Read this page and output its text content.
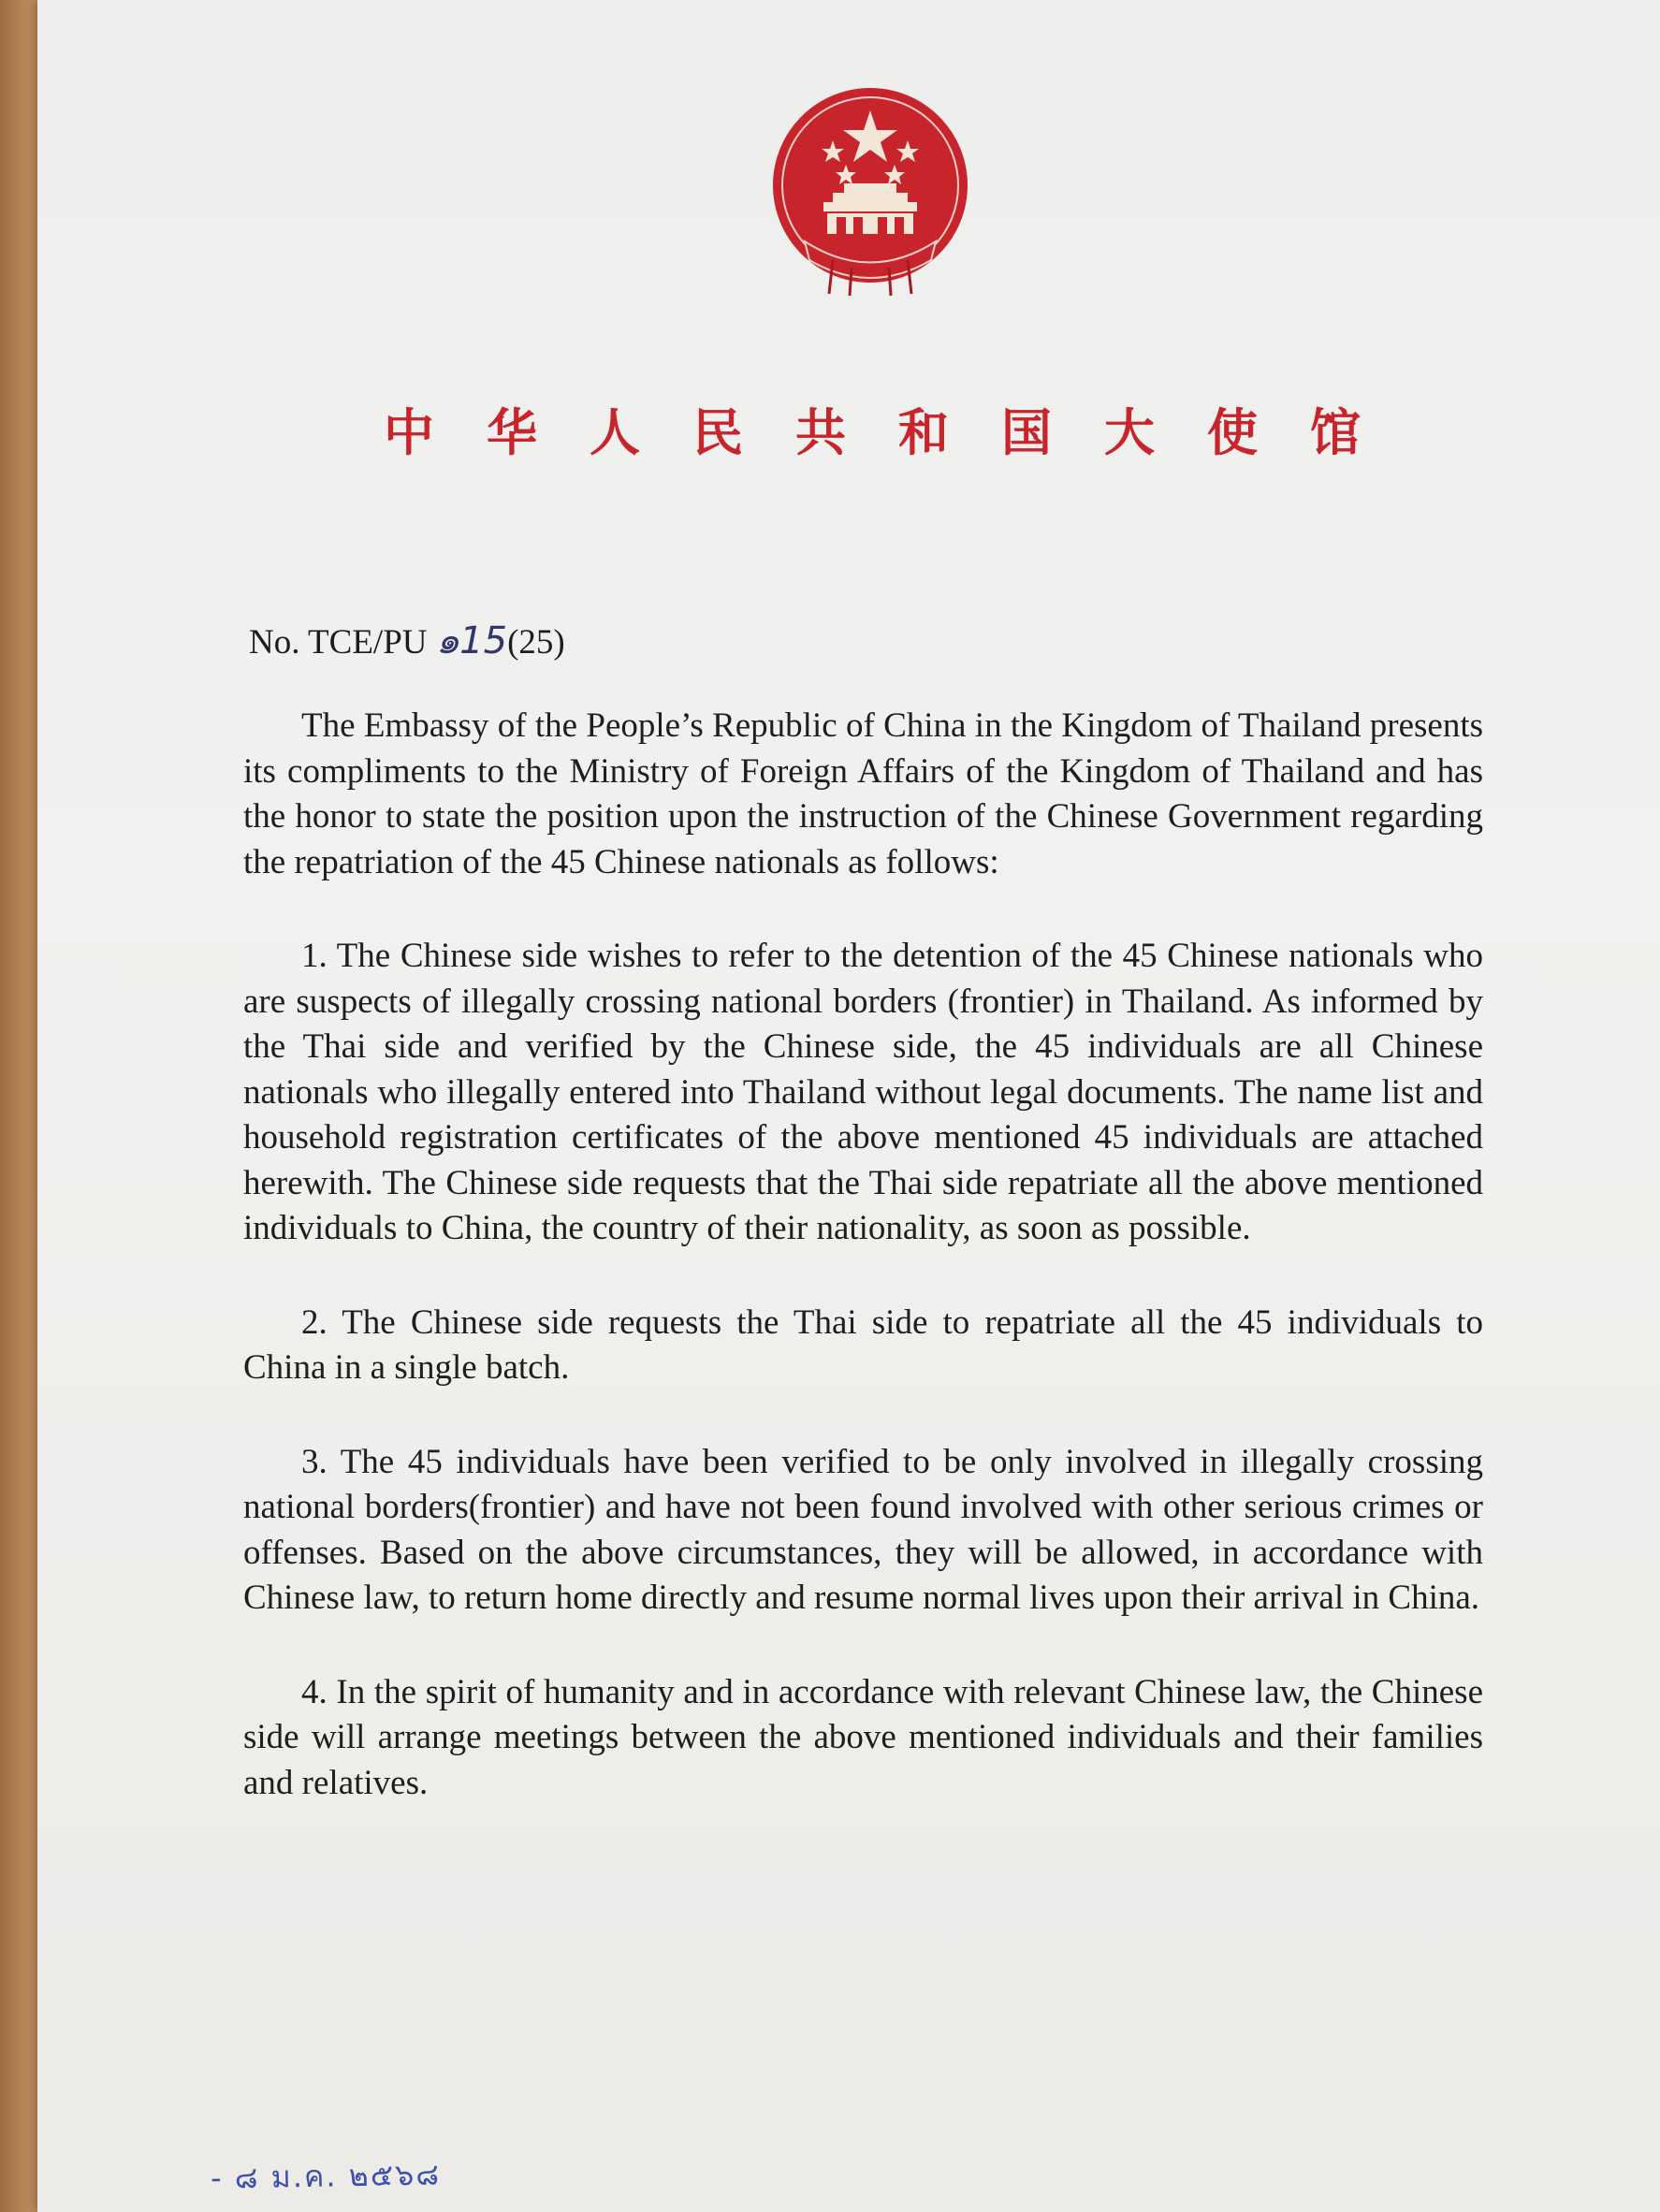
中华人民共和国大使馆

No. TCE/PU ๑15(25)

The Embassy of the People’s Republic of China in the Kingdom of Thailand presents its compliments to the Ministry of Foreign Affairs of the Kingdom of Thailand and has the honor to state the position upon the instruction of the Chinese Government regarding the repatriation of the 45 Chinese nationals as follows:

1. The Chinese side wishes to refer to the detention of the 45 Chinese nationals who are suspects of illegally crossing national borders (frontier) in Thailand. As informed by the Thai side and verified by the Chinese side, the 45 individuals are all Chinese nationals who illegally entered into Thailand without legal documents. The name list and household registration certificates of the above mentioned 45 individuals are attached herewith. The Chinese side requests that the Thai side repatriate all the above mentioned individuals to China, the country of their nationality, as soon as possible.

2. The Chinese side requests the Thai side to repatriate all the 45 individuals to China in a single batch.

3. The 45 individuals have been verified to be only involved in illegally crossing national borders(frontier) and have not been found involved with other serious crimes or offenses. Based on the above circumstances, they will be allowed, in accordance with Chinese law, to return home directly and resume normal lives upon their arrival in China.

4. In the spirit of humanity and in accordance with relevant Chinese law, the Chinese side will arrange meetings between the above mentioned individuals and their families and relatives.

- ๘ ม.ค. ๒๕๖๘
